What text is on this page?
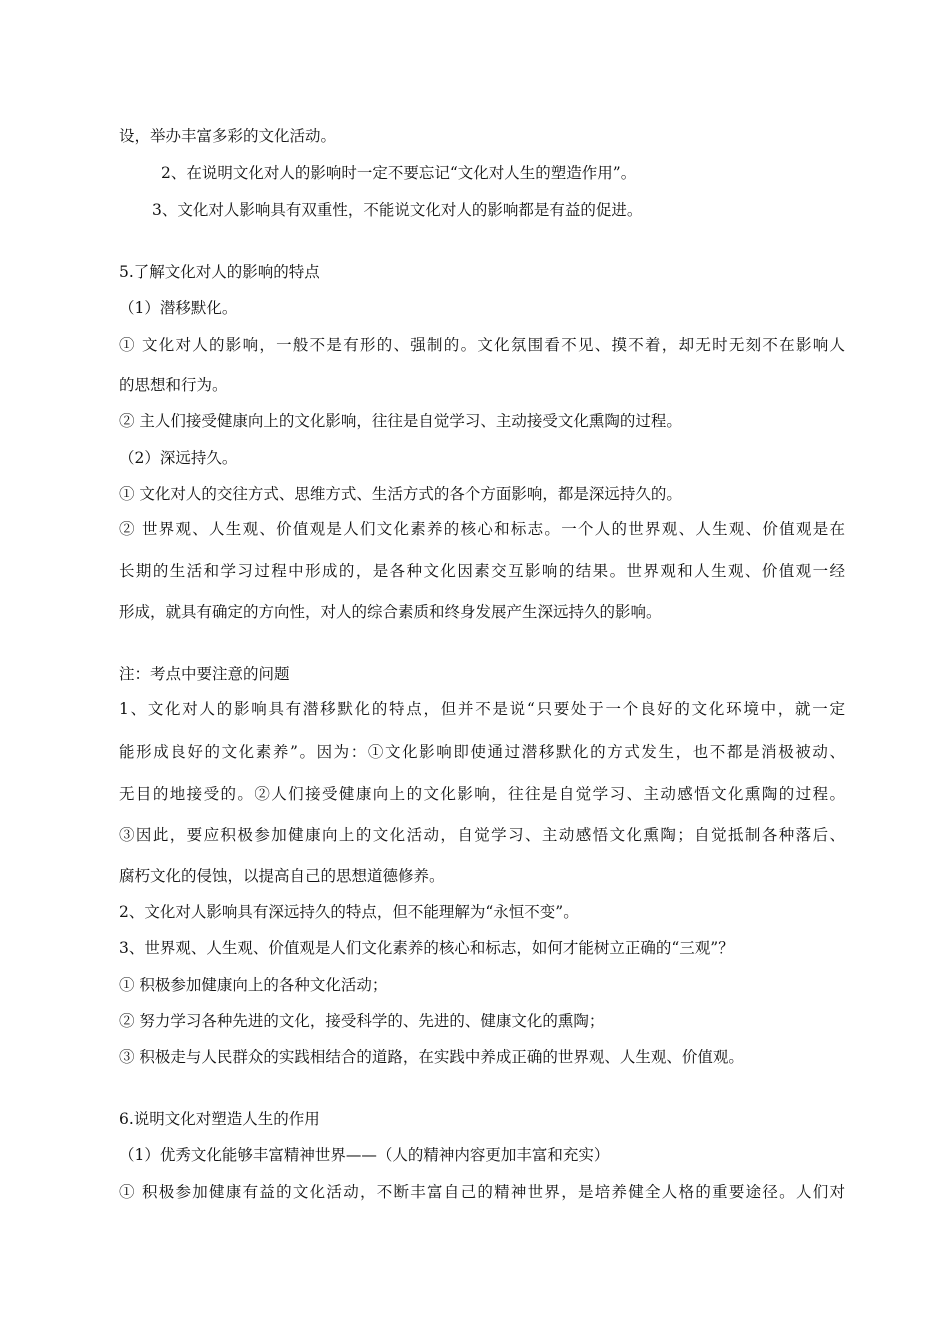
设，举办丰富多彩的文化活动。
2、在说明文化对人的影响时一定不要忘记“文化对人生的塑造作用”。
3、文化对人影响具有双重性，不能说文化对人的影响都是有益的促进。
5.了解文化对人的影响的特点
（1）潜移默化。
① 文化对人的影响，一般不是有形的、强制的。文化氛围看不见、摸不着，却无时无刻不在影响人
的思想和行为。
② 主人们接受健康向上的文化影响，往往是自觉学习、主动接受文化熏陶的过程。
（2）深远持久。
① 文化对人的交往方式、思维方式、生活方式的各个方面影响，都是深远持久的。
② 世界观、人生观、价值观是人们文化素养的核心和标志。一个人的世界观、人生观、价值观是在
长期的生活和学习过程中形成的，是各种文化因素交互影响的结果。世界观和人生观、价值观一经
形成，就具有确定的方向性，对人的综合素质和终身发展产生深远持久的影响。
注：考点中要注意的问题
1、文化对人的影响具有潜移默化的特点，但并不是说“只要处于一个良好的文化环境中，就一定
能形成良好的文化素养”。因为：①文化影响即使通过潜移默化的方式发生，也不都是消极被动、
无目的地接受的。②人们接受健康向上的文化影响，往往是自觉学习、主动感悟文化熏陶的过程。
③因此，要应积极参加健康向上的文化活动，自觉学习、主动感悟文化熏陶；自觉抵制各种落后、
腐朽文化的侵蚀，以提高自己的思想道德修养。
2、文化对人影响具有深远持久的特点，但不能理解为“永恒不变”。
3、世界观、人生观、价值观是人们文化素养的核心和标志，如何才能树立正确的“三观”？
① 积极参加健康向上的各种文化活动；
② 努力学习各种先进的文化，接受科学的、先进的、健康文化的熏陶；
③ 积极走与人民群众的实践相结合的道路，在实践中养成正确的世界观、人生观、价值观。
6.说明文化对塑造人生的作用
（1）优秀文化能够丰富精神世界——（人的精神内容更加丰富和充实）
① 积极参加健康有益的文化活动，不断丰富自己的精神世界，是培养健全人格的重要途径。人们对
